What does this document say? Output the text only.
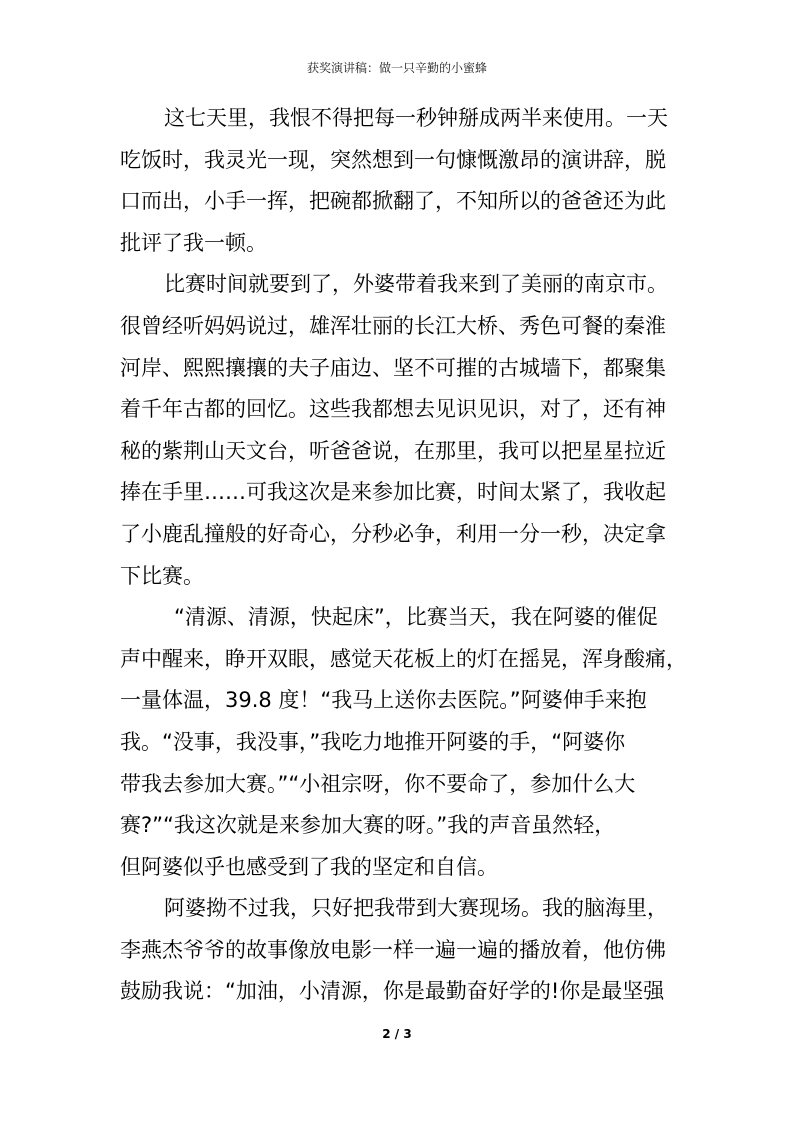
获奖演讲稿：做一只辛勤的小蜜蜂
这七天里，我恨不得把每一秒钟掰成两半来使用。一天
吃饭时，我灵光一现，突然想到一句慷慨激昂的演讲辞，脱
口而出，小手一挥，把碗都掀翻了，不知所以的爸爸还为此
批评了我一顿。
比赛时间就要到了，外婆带着我来到了美丽的南京市。
很曾经听妈妈说过，雄浑壮丽的长江大桥、秀色可餐的秦淮
河岸、熙熙攘攘的夫子庙边、坚不可摧的古城墙下，都聚集
着千年古都的回忆。这些我都想去见识见识，对了，还有神
秘的紫荆山天文台，听爸爸说，在那里，我可以把星星拉近
捧在手里……可我这次是来参加比赛，时间太紧了，我收起
了小鹿乱撞般的好奇心，分秒必争，利用一分一秒，决定拿
下比赛。
“清源、清源，快起床”，比赛当天，我在阿婆的催促
声中醒来，睁开双眼，感觉天花板上的灯在摇晃，浑身酸痛，
一量体温，39.8 度！“我马上送你去医院。”阿婆伸手来抱
我。“没事，我没事，”我吃力地推开阿婆的手，“阿婆你
带我去参加大赛。”“小祖宗呀，你不要命了，参加什么大
赛?”“我这次就是来参加大赛的呀。”我的声音虽然轻，
但阿婆似乎也感受到了我的坚定和自信。
阿婆拗不过我，只好把我带到大赛现场。我的脑海里，
李燕杰爷爷的故事像放电影一样一遍一遍的播放着，他仿佛
鼓励我说：“加油，小清源，你是最勤奋好学的!你是最坚强
2 / 3
